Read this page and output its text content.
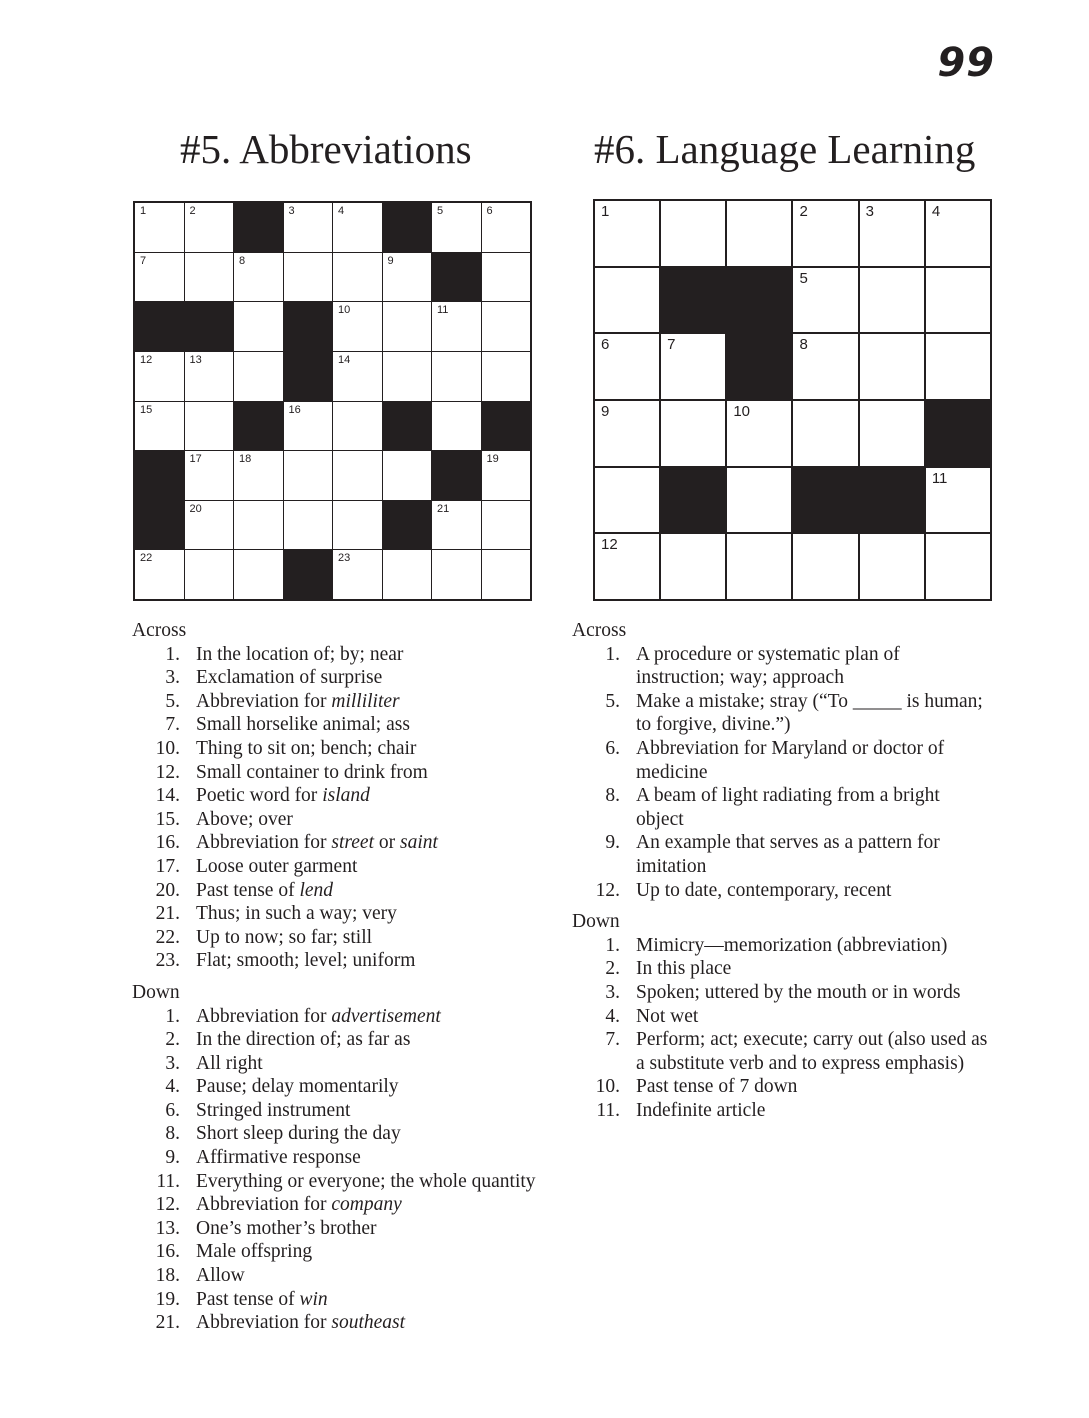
99
#5. Abbreviations	#6. Language Learning
1	2	3	4	5	6
7	8	9
10	11
12	13	14
15	16
17	18	19
20	21
22	23
1	2	3	4
5
6	7	8
9	10
11
12
Across
1. In the location of; by; near
3. Exclamation of surprise
5. Abbreviation for milliliter
7. Small horselike animal; ass
10. Thing to sit on; bench; chair
12. Small container to drink from
14. Poetic word for island
15. Above; over
16. Abbreviation for street or saint
17. Loose outer garment
20. Past tense of lend
21. Thus; in such a way; very
22. Up to now; so far; still
23. Flat; smooth; level; uniform
Down
1. Abbreviation for advertisement
2. In the direction of; as far as
3. All right
4. Pause; delay momentarily
6. Stringed instrument
8. Short sleep during the day
9. Affirmative response
11. Everything or everyone; the whole quantity
12. Abbreviation for company
13. One’s mother’s brother
16. Male offspring
18. Allow
19. Past tense of win
21. Abbreviation for southeast
Across
1. A procedure or systematic plan of instruction; way; approach
5. Make a mistake; stray (“To _____ is human; to forgive, divine.”)
6. Abbreviation for Maryland or doctor of medicine
8. A beam of light radiating from a bright object
9. An example that serves as a pattern for imitation
12. Up to date, contemporary, recent
Down
1. Mimicry—memorization (abbreviation)
2. In this place
3. Spoken; uttered by the mouth or in words
4. Not wet
7. Perform; act; execute; carry out (also used as a substitute verb and to express emphasis)
10. Past tense of 7 down
11. Indefinite article
